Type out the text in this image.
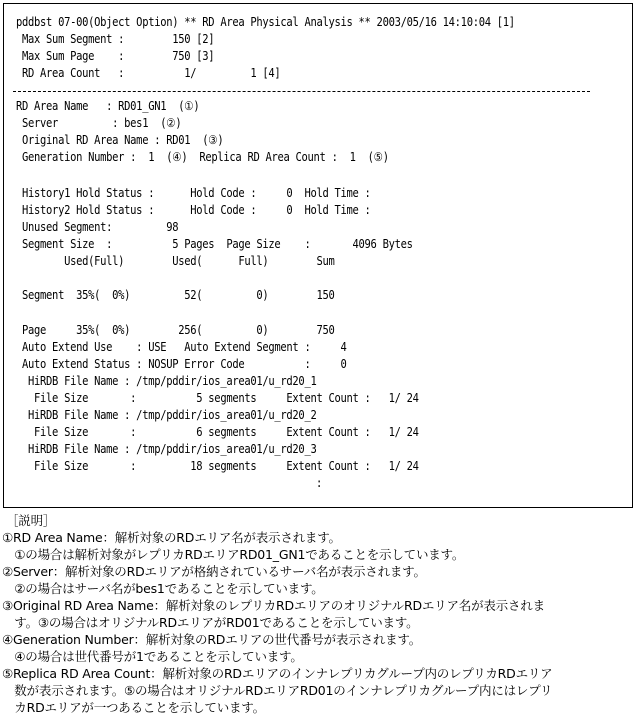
pddbst 07-00(Object Option) ** RD Area Physical Analysis ** 2003/05/16 14:10:04 [1]
Max Sum Segment :        150 [2]
Max Sum Page    :        750 [3]
RD Area Count   :          1/         1 [4]
RD Area Name   : RD01_GN1  (①)
Server         : bes1  (②)
Original RD Area Name : RD01  (③)
Generation Number :  1  (④)  Replica RD Area Count :  1  (⑤)
History1 Hold Status :      Hold Code :     0  Hold Time :
History2 Hold Status :      Hold Code :     0  Hold Time :
Unused Segment:         98
Segment Size  :          5 Pages  Page Size    :       4096 Bytes
Used(Full)        Used(      Full)        Sum
Segment  35%(  0%)         52(         0)        150
Page     35%(  0%)        256(         0)        750
Auto Extend Use    : USE   Auto Extend Segment :     4
Auto Extend Status : NOSUP Error Code          :     0
HiRDB File Name : /tmp/pddir/ios_area01/u_rd20_1
File Size       :          5 segments     Extent Count :   1/ 24
HiRDB File Name : /tmp/pddir/ios_area01/u_rd20_2
File Size       :          6 segments     Extent Count :   1/ 24
HiRDB File Name : /tmp/pddir/ios_area01/u_rd20_3
File Size       :         18 segments     Extent Count :   1/ 24
:
［説明］
①RD Area Name：解析対象のRDエリア名が表示されます。
　①の場合は解析対象がレプリカRDエリアRD01_GN1であることを示しています。
②Server：解析対象のRDエリアが格納されているサーバ名が表示されます。
　②の場合はサーバ名がbes1であることを示しています。
③Original RD Area Name：解析対象のレプリカRDエリアのオリジナルRDエリア名が表示されま
　す。③の場合はオリジナルRDエリアがRD01であることを示しています。
④Generation Number：解析対象のRDエリアの世代番号が表示されます。
　④の場合は世代番号が1であることを示しています。
⑤Replica RD Area Count：解析対象のRDエリアのインナレプリカグループ内のレプリカRDエリア
　数が表示されます。⑤の場合はオリジナルRDエリアRD01のインナレプリカグループ内にはレプリ
　カRDエリアが一つあることを示しています。
